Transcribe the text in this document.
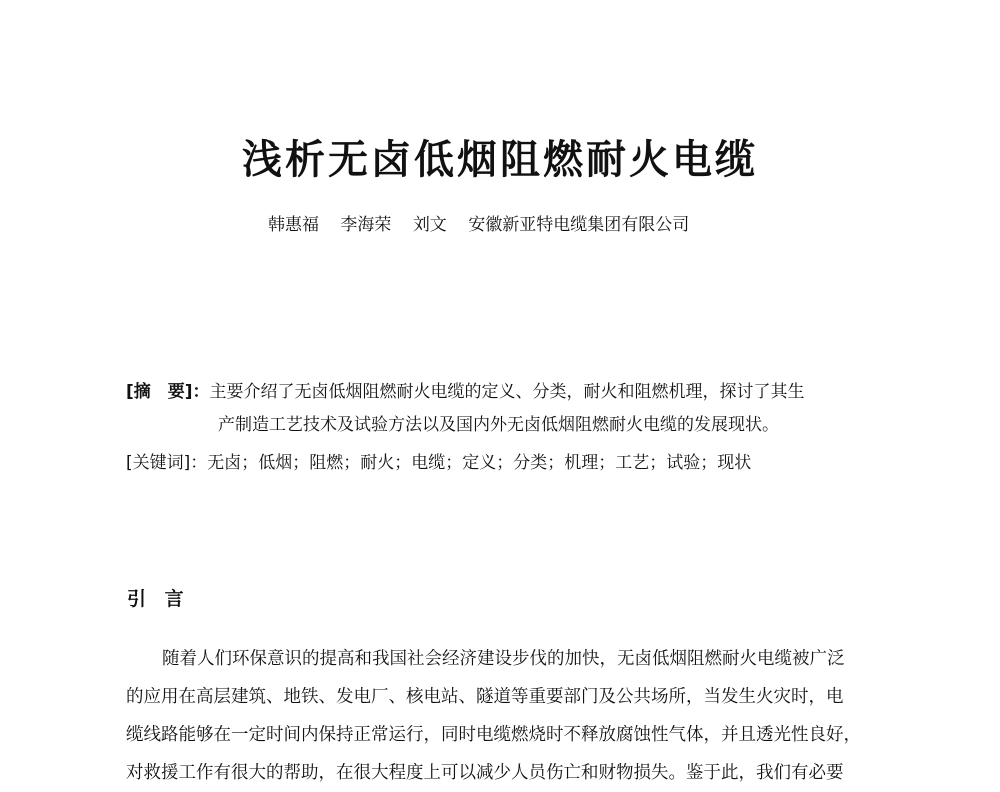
浅析无卤低烟阻燃耐火电缆
韩惠福 李海荣 刘文 安徽新亚特电缆集团有限公司
[摘　要]：主要介绍了无卤低烟阻燃耐火电缆的定义、分类，耐火和阻燃机理，探讨了其生
产制造工艺技术及试验方法以及国内外无卤低烟阻燃耐火电缆的发展现状。
[关键词]：无卤；低烟；阻燃；耐火；电缆；定义；分类；机理；工艺；试验；现状
引 言
随着人们环保意识的提高和我国社会经济建设步伐的加快，无卤低烟阻燃耐火电缆被广泛
的应用在高层建筑、地铁、发电厂、核电站、隧道等重要部门及公共场所，当发生火灾时，电
缆线路能够在一定时间内保持正常运行，同时电缆燃烧时不释放腐蚀性气体，并且透光性良好，
对救援工作有很大的帮助，在很大程度上可以减少人员伤亡和财物损失。鉴于此，我们有必要
